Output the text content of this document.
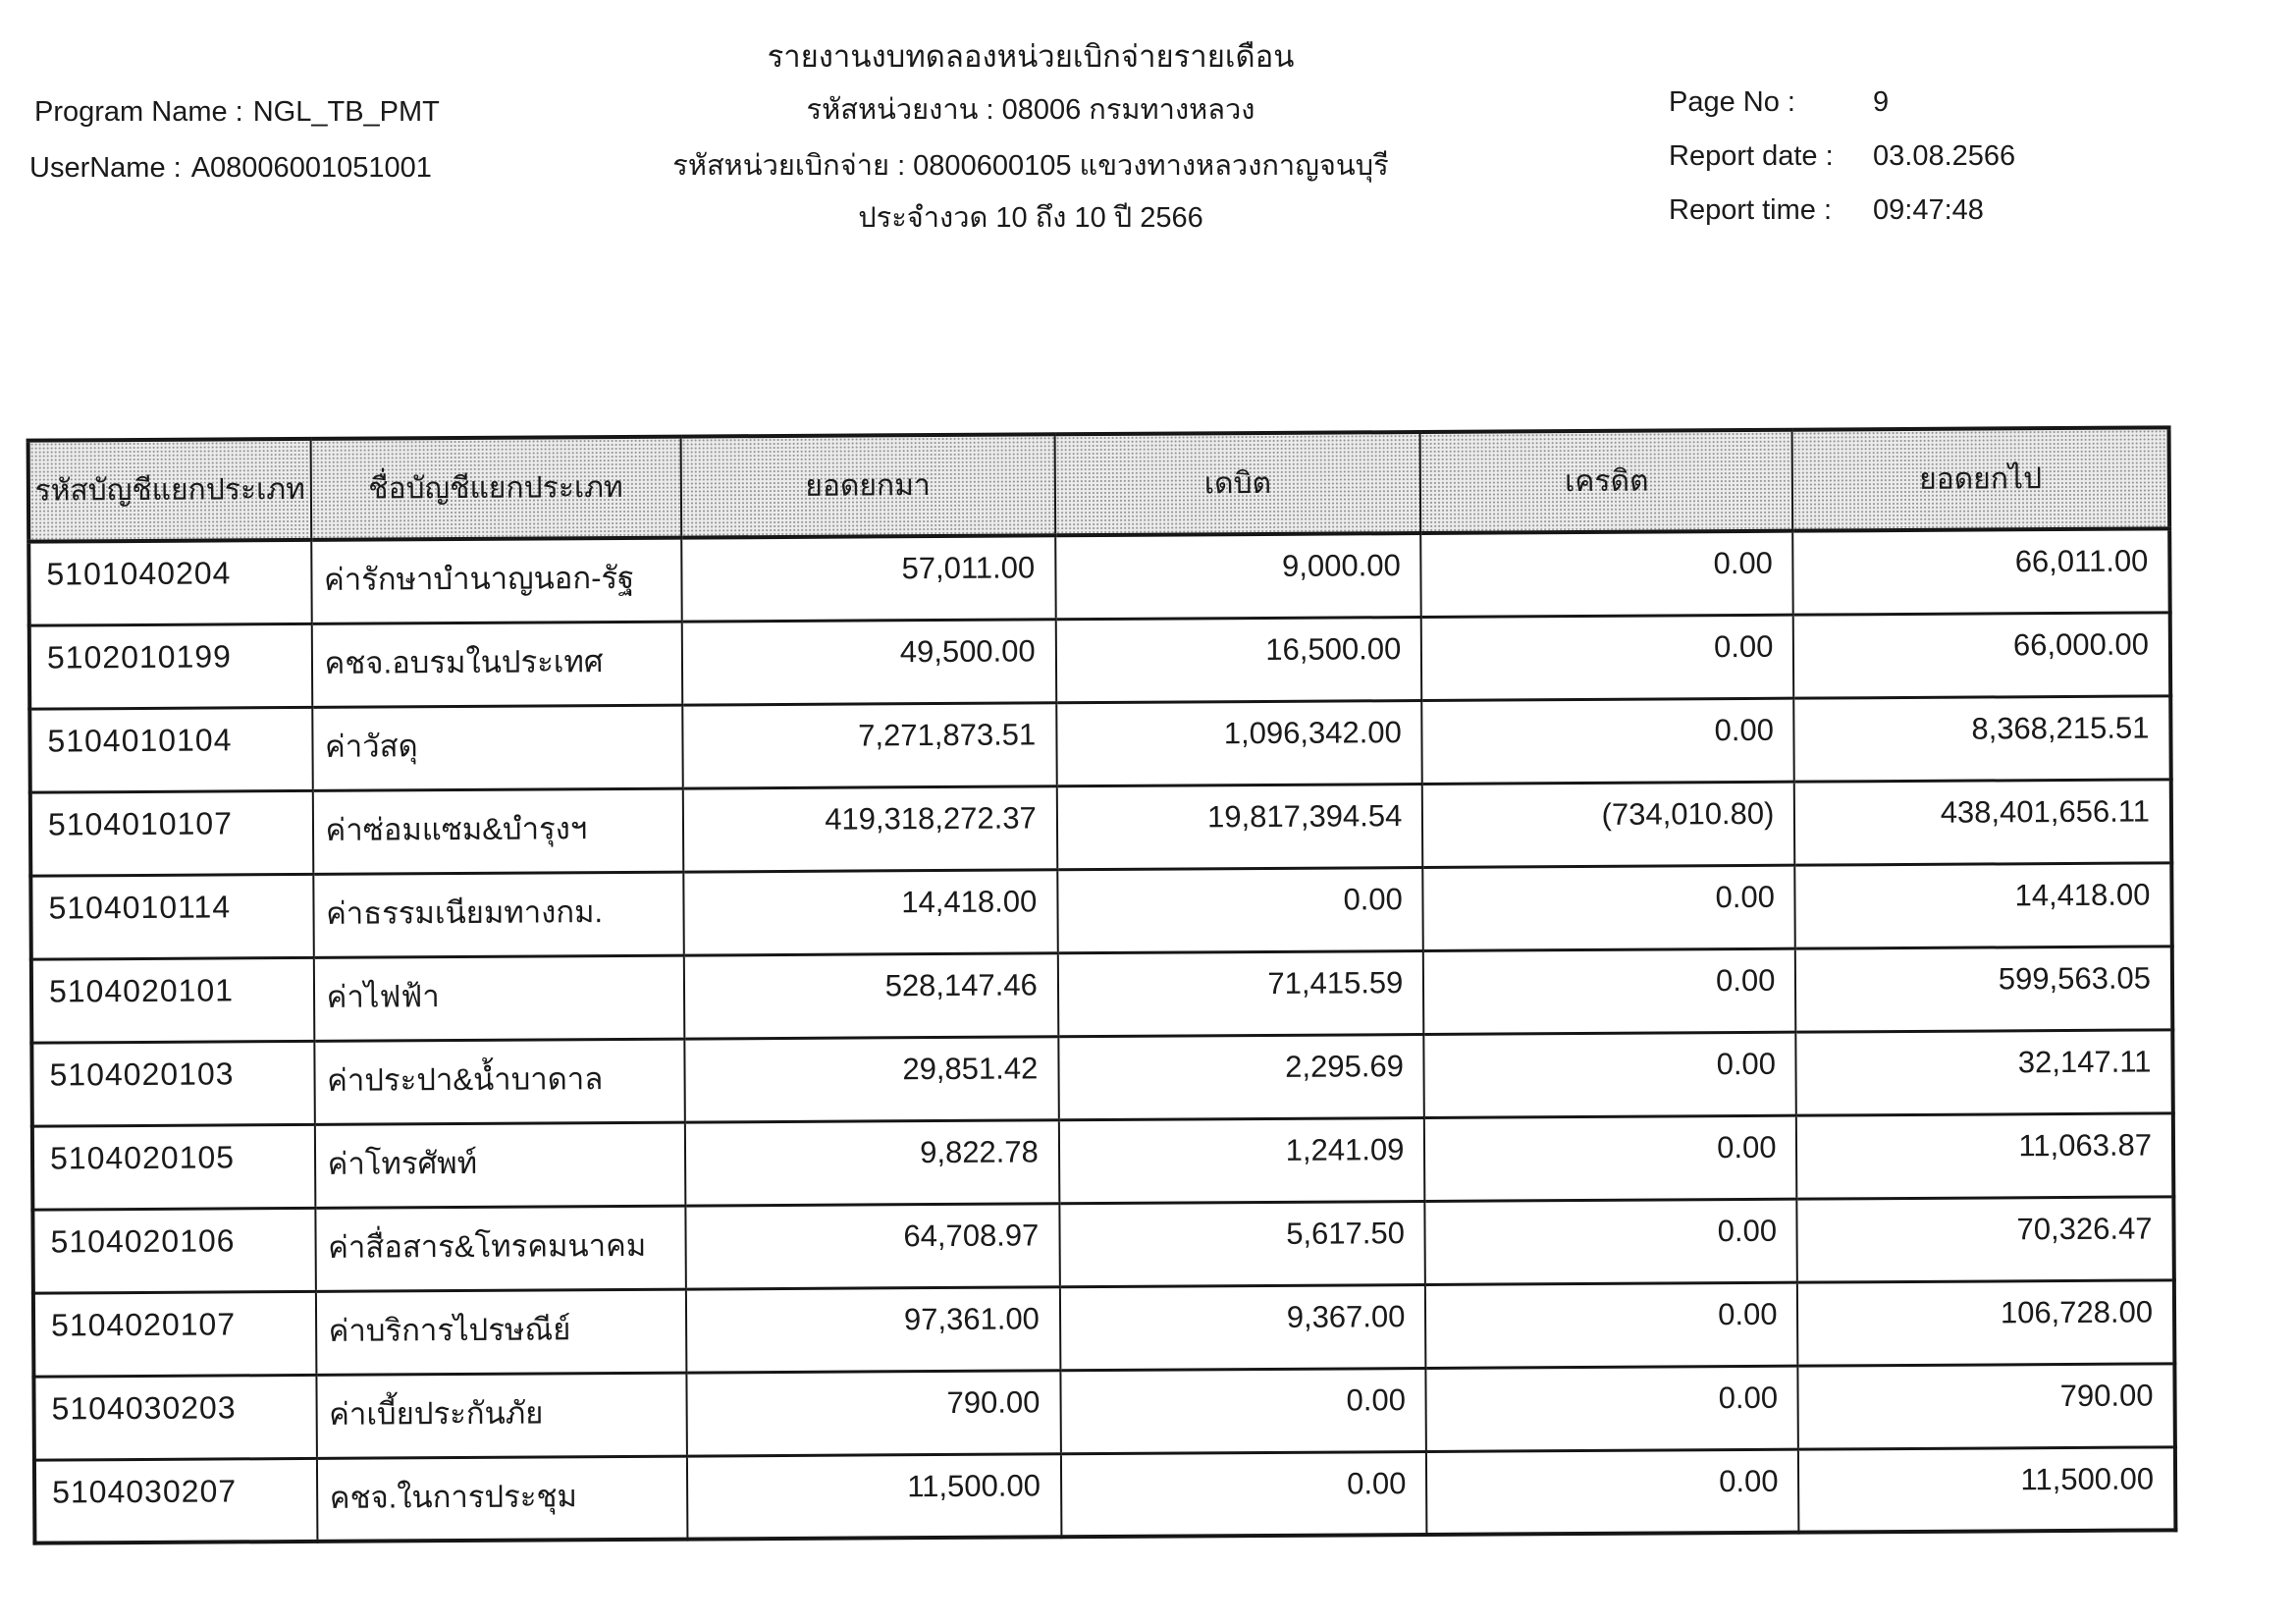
รายงานงบทดลองหน่วยเบิกจ่ายรายเดือน
Program Name : NGL_TB_PMT
UserName : A08006001051001
รหัสหน่วยงาน : 08006 กรมทางหลวง
รหัสหน่วยเบิกจ่าย : 0800600105 แขวงทางหลวงกาญจนบุรี
ประจำงวด 10 ถึง 10 ปี 2566
Page No :	9
Report date : 03.08.2566
Report time : 09:47:48
รหัสบัญชีแยกประเภท	ชื่อบัญชีแยกประเภท	ยอดยกมา	เดบิต	เครดิต	ยอดยกไป
5101040204	ค่ารักษาบำนาญนอก-รัฐ	57,011.00	9,000.00	0.00	66,011.00
5102010199	คชจ.อบรมในประเทศ	49,500.00	16,500.00	0.00	66,000.00
5104010104	ค่าวัสดุ	7,271,873.51	1,096,342.00	0.00	8,368,215.51
5104010107	ค่าซ่อมแซม&บำรุงฯ	419,318,272.37	19,817,394.54	(734,010.80)	438,401,656.11
5104010114	ค่าธรรมเนียมทางกม.	14,418.00	0.00	0.00	14,418.00
5104020101	ค่าไฟฟ้า	528,147.46	71,415.59	0.00	599,563.05
5104020103	ค่าประปา&น้ำบาดาล	29,851.42	2,295.69	0.00	32,147.11
5104020105	ค่าโทรศัพท์	9,822.78	1,241.09	0.00	11,063.87
5104020106	ค่าสื่อสาร&โทรคมนาคม	64,708.97	5,617.50	0.00	70,326.47
5104020107	ค่าบริการไปรษณีย์	97,361.00	9,367.00	0.00	106,728.00
5104030203	ค่าเบี้ยประกันภัย	790.00	0.00	0.00	790.00
5104030207	คชจ.ในการประชุม	11,500.00	0.00	0.00	11,500.00
